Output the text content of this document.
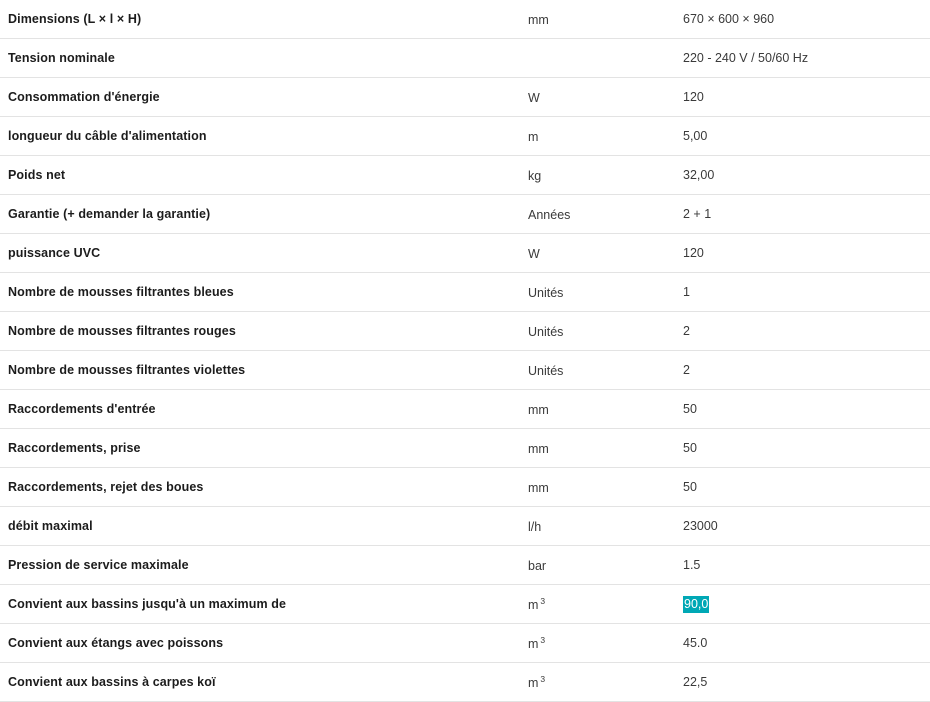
Dimensions (L × l × H)	mm	670 × 600 × 960
Tension nominale		220 - 240 V / 50/60 Hz
Consommation d'énergie	W	120
longueur du câble d'alimentation	m	5,00
Poids net	kg	32,00
Garantie (+ demander la garantie)	Années	2 + 1
puissance UVC	W	120
Nombre de mousses filtrantes bleues	Unités	1
Nombre de mousses filtrantes rouges	Unités	2
Nombre de mousses filtrantes violettes	Unités	2
Raccordements d'entrée	mm	50
Raccordements, prise	mm	50
Raccordements, rejet des boues	mm	50
débit maximal	l/h	23000
Pression de service maximale	bar	1.5
Convient aux bassins jusqu'à un maximum de	m $^3$	90,0
Convient aux étangs avec poissons	m $^3$	45.0
Convient aux bassins à carpes koï	m $^3$	22,5
